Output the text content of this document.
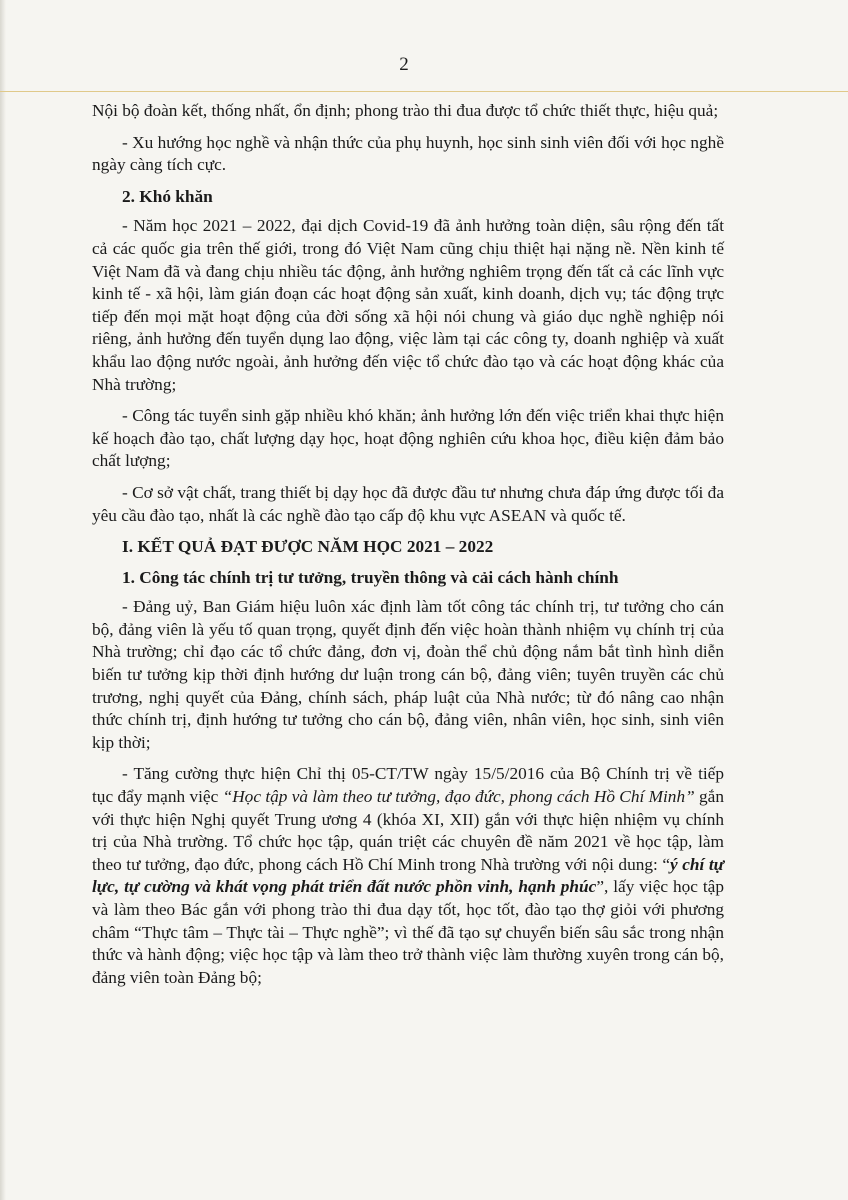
2

Nội bộ đoàn kết, thống nhất, ổn định; phong trào thi đua được tổ chức thiết thực, hiệu quả;

- Xu hướng học nghề và nhận thức của phụ huynh, học sinh sinh viên đối với học nghề ngày càng tích cực.

2. Khó khăn

- Năm học 2021 – 2022, đại dịch Covid-19 đã ảnh hưởng toàn diện, sâu rộng đến tất cả các quốc gia trên thế giới, trong đó Việt Nam cũng chịu thiệt hại nặng nề. Nền kinh tế Việt Nam đã và đang chịu nhiều tác động, ảnh hưởng nghiêm trọng đến tất cả các lĩnh vực kinh tế - xã hội, làm gián đoạn các hoạt động sản xuất, kinh doanh, dịch vụ; tác động trực tiếp đến mọi mặt hoạt động của đời sống xã hội nói chung và giáo dục nghề nghiệp nói riêng, ảnh hưởng đến tuyển dụng lao động, việc làm tại các công ty, doanh nghiệp và xuất khẩu lao động nước ngoài, ảnh hưởng đến việc tổ chức đào tạo và các hoạt động khác của Nhà trường;

- Công tác tuyển sinh gặp nhiều khó khăn; ảnh hưởng lớn đến việc triển khai thực hiện kế hoạch đào tạo, chất lượng dạy học, hoạt động nghiên cứu khoa học, điều kiện đảm bảo chất lượng;

- Cơ sở vật chất, trang thiết bị dạy học đã được đầu tư nhưng chưa đáp ứng được tối đa yêu cầu đào tạo, nhất là các nghề đào tạo cấp độ khu vực ASEAN và quốc tế.

I. KẾT QUẢ ĐẠT ĐƯỢC NĂM HỌC 2021 – 2022
1. Công tác chính trị tư tưởng, truyền thông và cải cách hành chính

- Đảng uỷ, Ban Giám hiệu luôn xác định làm tốt công tác chính trị, tư tưởng cho cán bộ, đảng viên là yếu tố quan trọng, quyết định đến việc hoàn thành nhiệm vụ chính trị của Nhà trường; chỉ đạo các tổ chức đảng, đơn vị, đoàn thể chủ động nắm bắt tình hình diễn biến tư tưởng kịp thời định hướng dư luận trong cán bộ, đảng viên; tuyên truyền các chủ trương, nghị quyết của Đảng, chính sách, pháp luật của Nhà nước; từ đó nâng cao nhận thức chính trị, định hướng tư tưởng cho cán bộ, đảng viên, nhân viên, học sinh, sinh viên kịp thời;

- Tăng cường thực hiện Chỉ thị 05-CT/TW ngày 15/5/2016 của Bộ Chính trị về tiếp tục đẩy mạnh việc “Học tập và làm theo tư tưởng, đạo đức, phong cách Hồ Chí Minh” gắn với thực hiện Nghị quyết Trung ương 4 (khóa XI, XII) gắn với thực hiện nhiệm vụ chính trị của Nhà trường. Tổ chức học tập, quán triệt các chuyên đề năm 2021 về học tập, làm theo tư tưởng, đạo đức, phong cách Hồ Chí Minh trong Nhà trường với nội dung: “ý chí tự lực, tự cường và khát vọng phát triển đất nước phồn vinh, hạnh phúc”, lấy việc học tập và làm theo Bác gắn với phong trào thi đua dạy tốt, học tốt, đào tạo thợ giỏi với phương châm “Thực tâm – Thực tài – Thực nghề”; vì thế đã tạo sự chuyển biến sâu sắc trong nhận thức và hành động; việc học tập và làm theo trở thành việc làm thường xuyên trong cán bộ, đảng viên toàn Đảng bộ;
